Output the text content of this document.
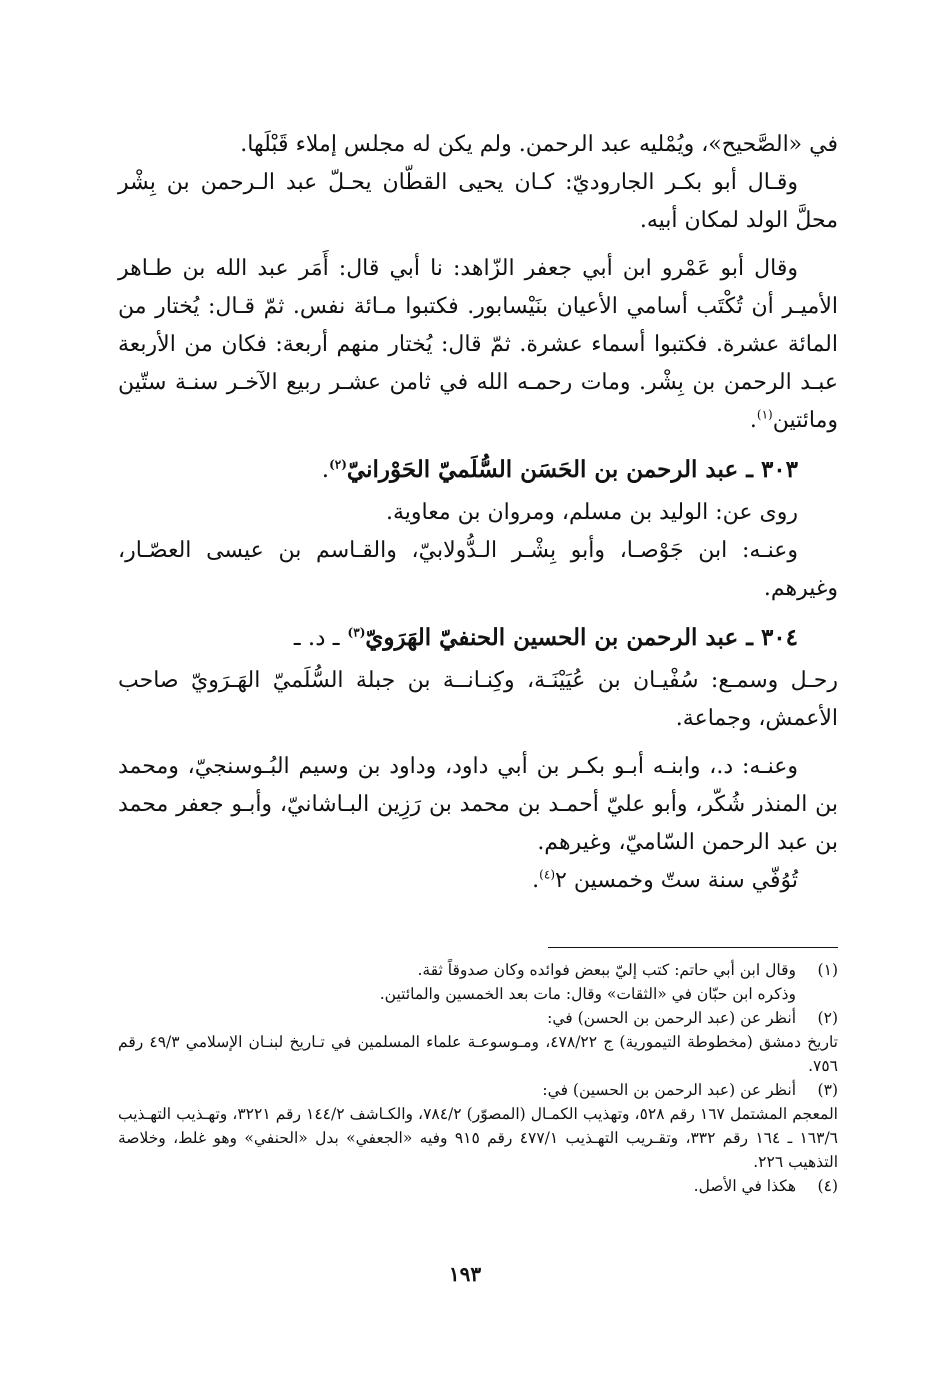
في «الصَّحيح»، ويُمْليه عبد الرحمن. ولم يكن له مجلس إملاء قَبْلَها.

وقـال أبو بكـر الجاروديّ: كـان يحيى القطّان يحـلّ عبد الـرحمن بن بِشْر محلَّ الولد لمكان أبيه.

وقال أبو عَمْرو ابن أبي جعفر الزّاهد: نا أبي قال: أَمَر عبد الله بن طـاهر الأميـر أن تُكْتَب أسامي الأعيان بنَيْسابور. فكتبوا مـائة نفس. ثمّ قـال: يُختار من المائة عشرة. فكتبوا أسماء عشرة. ثمّ قال: يُختار منهم أربعة: فكان من الأربعة عبـد الرحمن بن بِشْر. ومات رحمـه الله في ثامن عشـر ربيع الآخـر سنـة ستّين ومائتين$^{(١)}$.

٣٠٣ ـ عبد الرحمن بن الحَسَن السُّلَميّ الحَوْرانيّ$^{(٢)}$.

روى عن: الوليد بن مسلم، ومروان بن معاوية.

وعنـه: ابن جَوْصـا، وأبو بِشْـر الـدُّولابيّ، والقـاسم بن عيسى العصّـار، وغيرهم.

٣٠٤ ـ عبد الرحمن بن الحسين الحنفيّ الهَرَويّ$^{(٣)}$ ـ د. ـ

رحـل وسمـع: سُفْيـان بن عُيَيْنَـة، وكِنـانــة بن جبلة السُّلَميّ الهَـرَويّ صاحب الأعمش، وجماعة.

وعنـه: د.، وابنـه أبـو بكـر بن أبي داود، وداود بن وسيم البُـوسنجيّ، ومحمد بن المنذر شُكّر، وأبو عليّ أحمـد بن محمد بن رَزِين البـاشانيّ، وأبـو جعفر محمد بن عبد الرحمن السّاميّ، وغيرهم.

تُوُفّي سنة ستّ وخمسين ٢$^{(٤)}$.

(١)
وقال ابن أبي حاتم: كتب إليّ ببعض فوائده وكان صدوقاً ثقة.
وذكره ابن حبّان في «الثقات» وقال: مات بعد الخمسين والمائتين.
(٢)
أنظر عن (عبد الرحمن بن الحسن) في:
تاريخ دمشق (مخطوطة التيمورية) ج ٤٧٨/٢٢، ومـوسوعـة علماء المسلمين في تـاريخ لبنـان الإسلامي ٤٩/٣ رقم ٧٥٦.
(٣)
أنظر عن (عبد الرحمن بن الحسين) في:
المعجم المشتمل ١٦٧ رقم ٥٢٨، وتهذيب الكمـال (المصوّر) ٧٨٤/٢، والكـاشف ١٤٤/٢ رقم ٣٢٢١، وتهـذيب التهـذيب ١٦٣/٦ ـ ١٦٤ رقم ٣٣٢، وتقـريب التهـذيب ٤٧٧/١ رقم ٩١٥ وفيه «الجعفي» بدل «الحنفي» وهو غلط، وخلاصة التذهيب ٢٢٦.
(٤)
هكذا في الأصل.
١٩٣
